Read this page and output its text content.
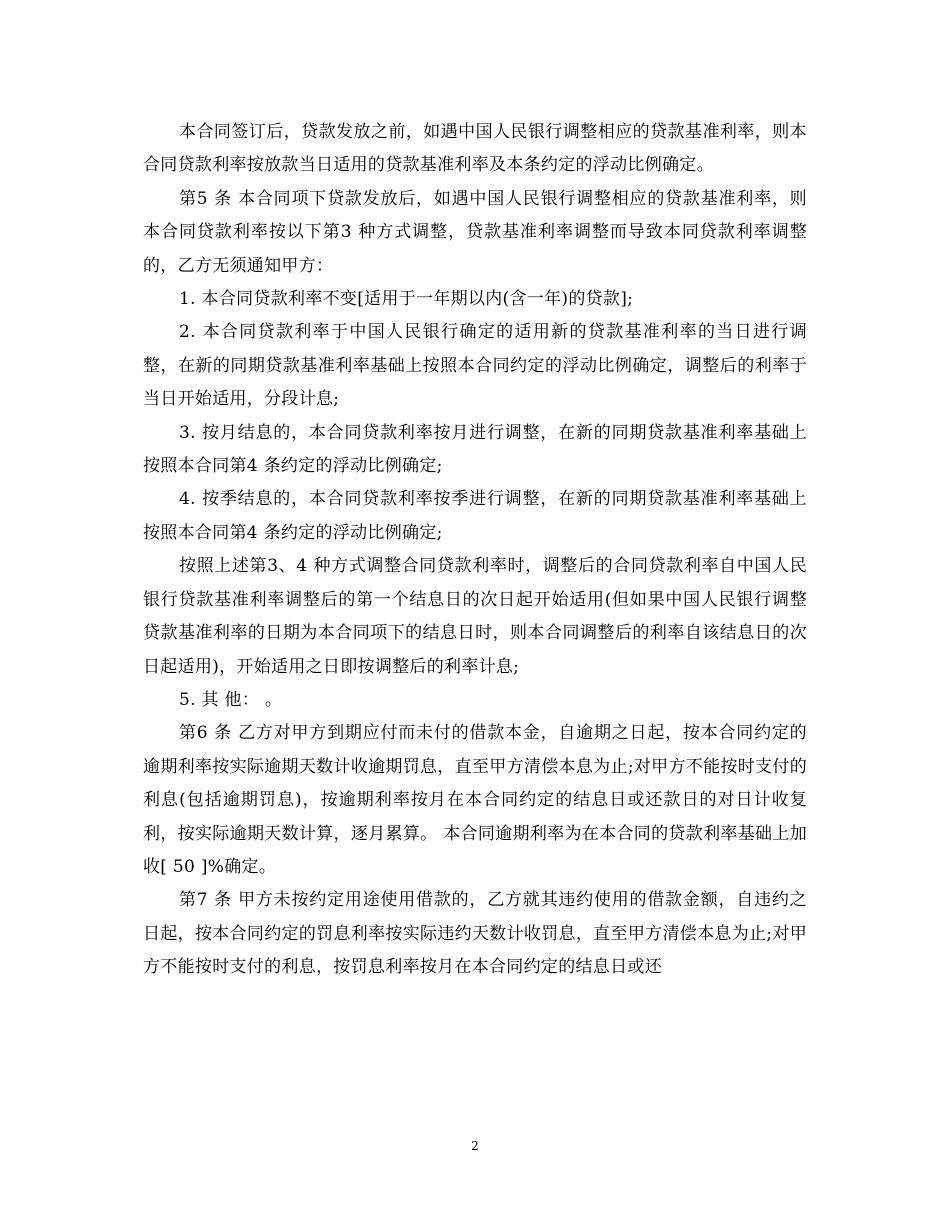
本合同签订后，贷款发放之前，如遇中国人民银行调整相应的贷款基准利率，则本合同贷款利率按放款当日适用的贷款基准利率及本条约定的浮动比例确定。

第5 条 本合同项下贷款发放后，如遇中国人民银行调整相应的贷款基准利率，则本合同贷款利率按以下第3 种方式调整，贷款基准利率调整而导致本同贷款利率调整的，乙方无须通知甲方：

1. 本合同贷款利率不变[适用于一年期以内(含一年)的贷款];

2. 本合同贷款利率于中国人民银行确定的适用新的贷款基准利率的当日进行调整，在新的同期贷款基准利率基础上按照本合同约定的浮动比例确定，调整后的利率于当日开始适用，分段计息;

3. 按月结息的，本合同贷款利率按月进行调整，在新的同期贷款基准利率基础上按照本合同第4 条约定的浮动比例确定;

4. 按季结息的，本合同贷款利率按季进行调整，在新的同期贷款基准利率基础上按照本合同第4 条约定的浮动比例确定;

按照上述第3、4 种方式调整合同贷款利率时，调整后的合同贷款利率自中国人民银行贷款基准利率调整后的第一个结息日的次日起开始适用(但如果中国人民银行调整贷款基准利率的日期为本合同项下的结息日时，则本合同调整后的利率自该结息日的次日起适用)，开始适用之日即按调整后的利率计息;

5. 其 他： 。

第6 条 乙方对甲方到期应付而未付的借款本金，自逾期之日起，按本合同约定的逾期利率按实际逾期天数计收逾期罚息，直至甲方清偿本息为止;对甲方不能按时支付的利息(包括逾期罚息)，按逾期利率按月在本合同约定的结息日或还款日的对日计收复利，按实际逾期天数计算，逐月累算。 本合同逾期利率为在本合同的贷款利率基础上加收[ 50 ]%确定。

第7 条 甲方未按约定用途使用借款的，乙方就其违约使用的借款金额，自违约之日起，按本合同约定的罚息利率按实际违约天数计收罚息，直至甲方清偿本息为止;对甲方不能按时支付的利息，按罚息利率按月在本合同约定的结息日或还

2
